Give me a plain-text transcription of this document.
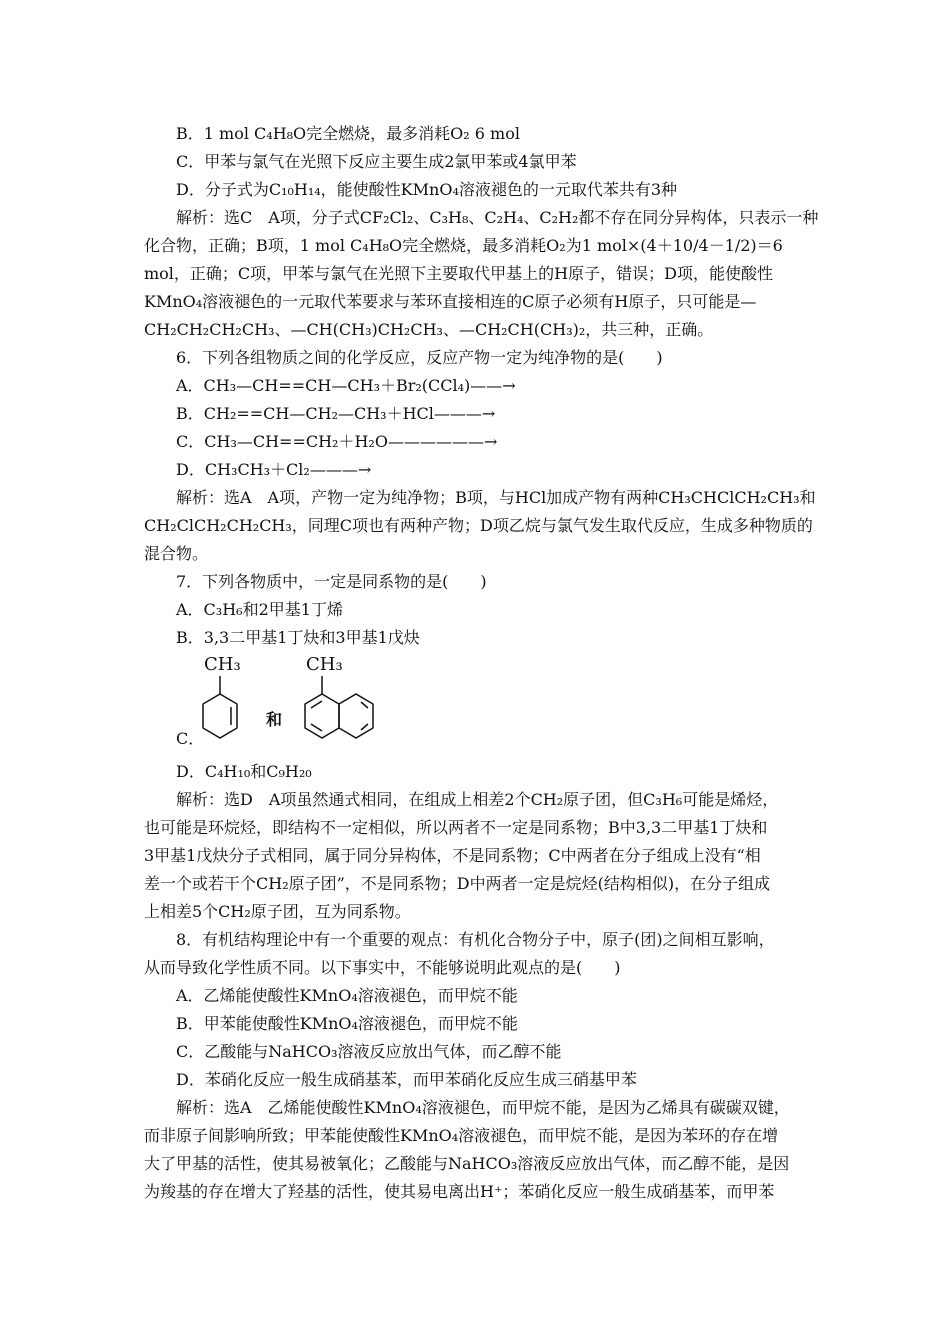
B．1 mol C₄H₈O完全燃烧，最多消耗O₂ 6 mol
C．甲苯与氯气在光照下反应主要生成2氯甲苯或4氯甲苯
D．分子式为C₁₀H₁₄，能使酸性KMnO₄溶液褪色的一元取代苯共有3种
解析：选C　A项，分子式CF₂Cl₂、C₃H₈、C₂H₄、C₂H₂都不存在同分异构体，只表示一种
化合物，正确；B项，1 mol C₄H₈O完全燃烧，最多消耗O₂为1 mol×(4＋10/4－1/2)＝6
mol，正确；C项，甲苯与氯气在光照下主要取代甲基上的H原子，错误；D项，能使酸性
KMnO₄溶液褪色的一元取代苯要求与苯环直接相连的C原子必须有H原子，只可能是—
CH₂CH₂CH₂CH₃、—CH(CH₃)CH₂CH₃、—CH₂CH(CH₃)₂，共三种，正确。
6．下列各组物质之间的化学反应，反应产物一定为纯净物的是(　　)
A．CH₃—CH==CH—CH₃＋Br₂(CCl₄)——→
B．CH₂==CH—CH₂—CH₃＋HCl———→
C．CH₃—CH==CH₂＋H₂O——————→
D．CH₃CH₃＋Cl₂———→
解析：选A　A项，产物一定为纯净物；B项，与HCl加成产物有两种CH₃CHClCH₂CH₃和
CH₂ClCH₂CH₂CH₃，同理C项也有两种产物；D项乙烷与氯气发生取代反应，生成多种物质的
混合物。
7．下列各物质中，一定是同系物的是(　　)
A．C₃H₆和2甲基1丁烯
B．3,3二甲基1丁炔和3甲基1戊炔
C．
CH₃
和
CH₃
D．C₄H₁₀和C₉H₂₀
解析：选D　A项虽然通式相同，在组成上相差2个CH₂原子团，但C₃H₆可能是烯烃，
也可能是环烷烃，即结构不一定相似，所以两者不一定是同系物；B中3,3二甲基1丁炔和
3甲基1戊炔分子式相同，属于同分异构体，不是同系物；C中两者在分子组成上没有“相
差一个或若干个CH₂原子团”，不是同系物；D中两者一定是烷烃(结构相似)，在分子组成
上相差5个CH₂原子团，互为同系物。
8．有机结构理论中有一个重要的观点：有机化合物分子中，原子(团)之间相互影响，
从而导致化学性质不同。以下事实中，不能够说明此观点的是(　　)
A．乙烯能使酸性KMnO₄溶液褪色，而甲烷不能
B．甲苯能使酸性KMnO₄溶液褪色，而甲烷不能
C．乙酸能与NaHCO₃溶液反应放出气体，而乙醇不能
D．苯硝化反应一般生成硝基苯，而甲苯硝化反应生成三硝基甲苯
解析：选A　乙烯能使酸性KMnO₄溶液褪色，而甲烷不能，是因为乙烯具有碳碳双键，
而非原子间影响所致；甲苯能使酸性KMnO₄溶液褪色，而甲烷不能，是因为苯环的存在增
大了甲基的活性，使其易被氧化；乙酸能与NaHCO₃溶液反应放出气体，而乙醇不能，是因
为羧基的存在增大了羟基的活性，使其易电离出H⁺；苯硝化反应一般生成硝基苯，而甲苯
